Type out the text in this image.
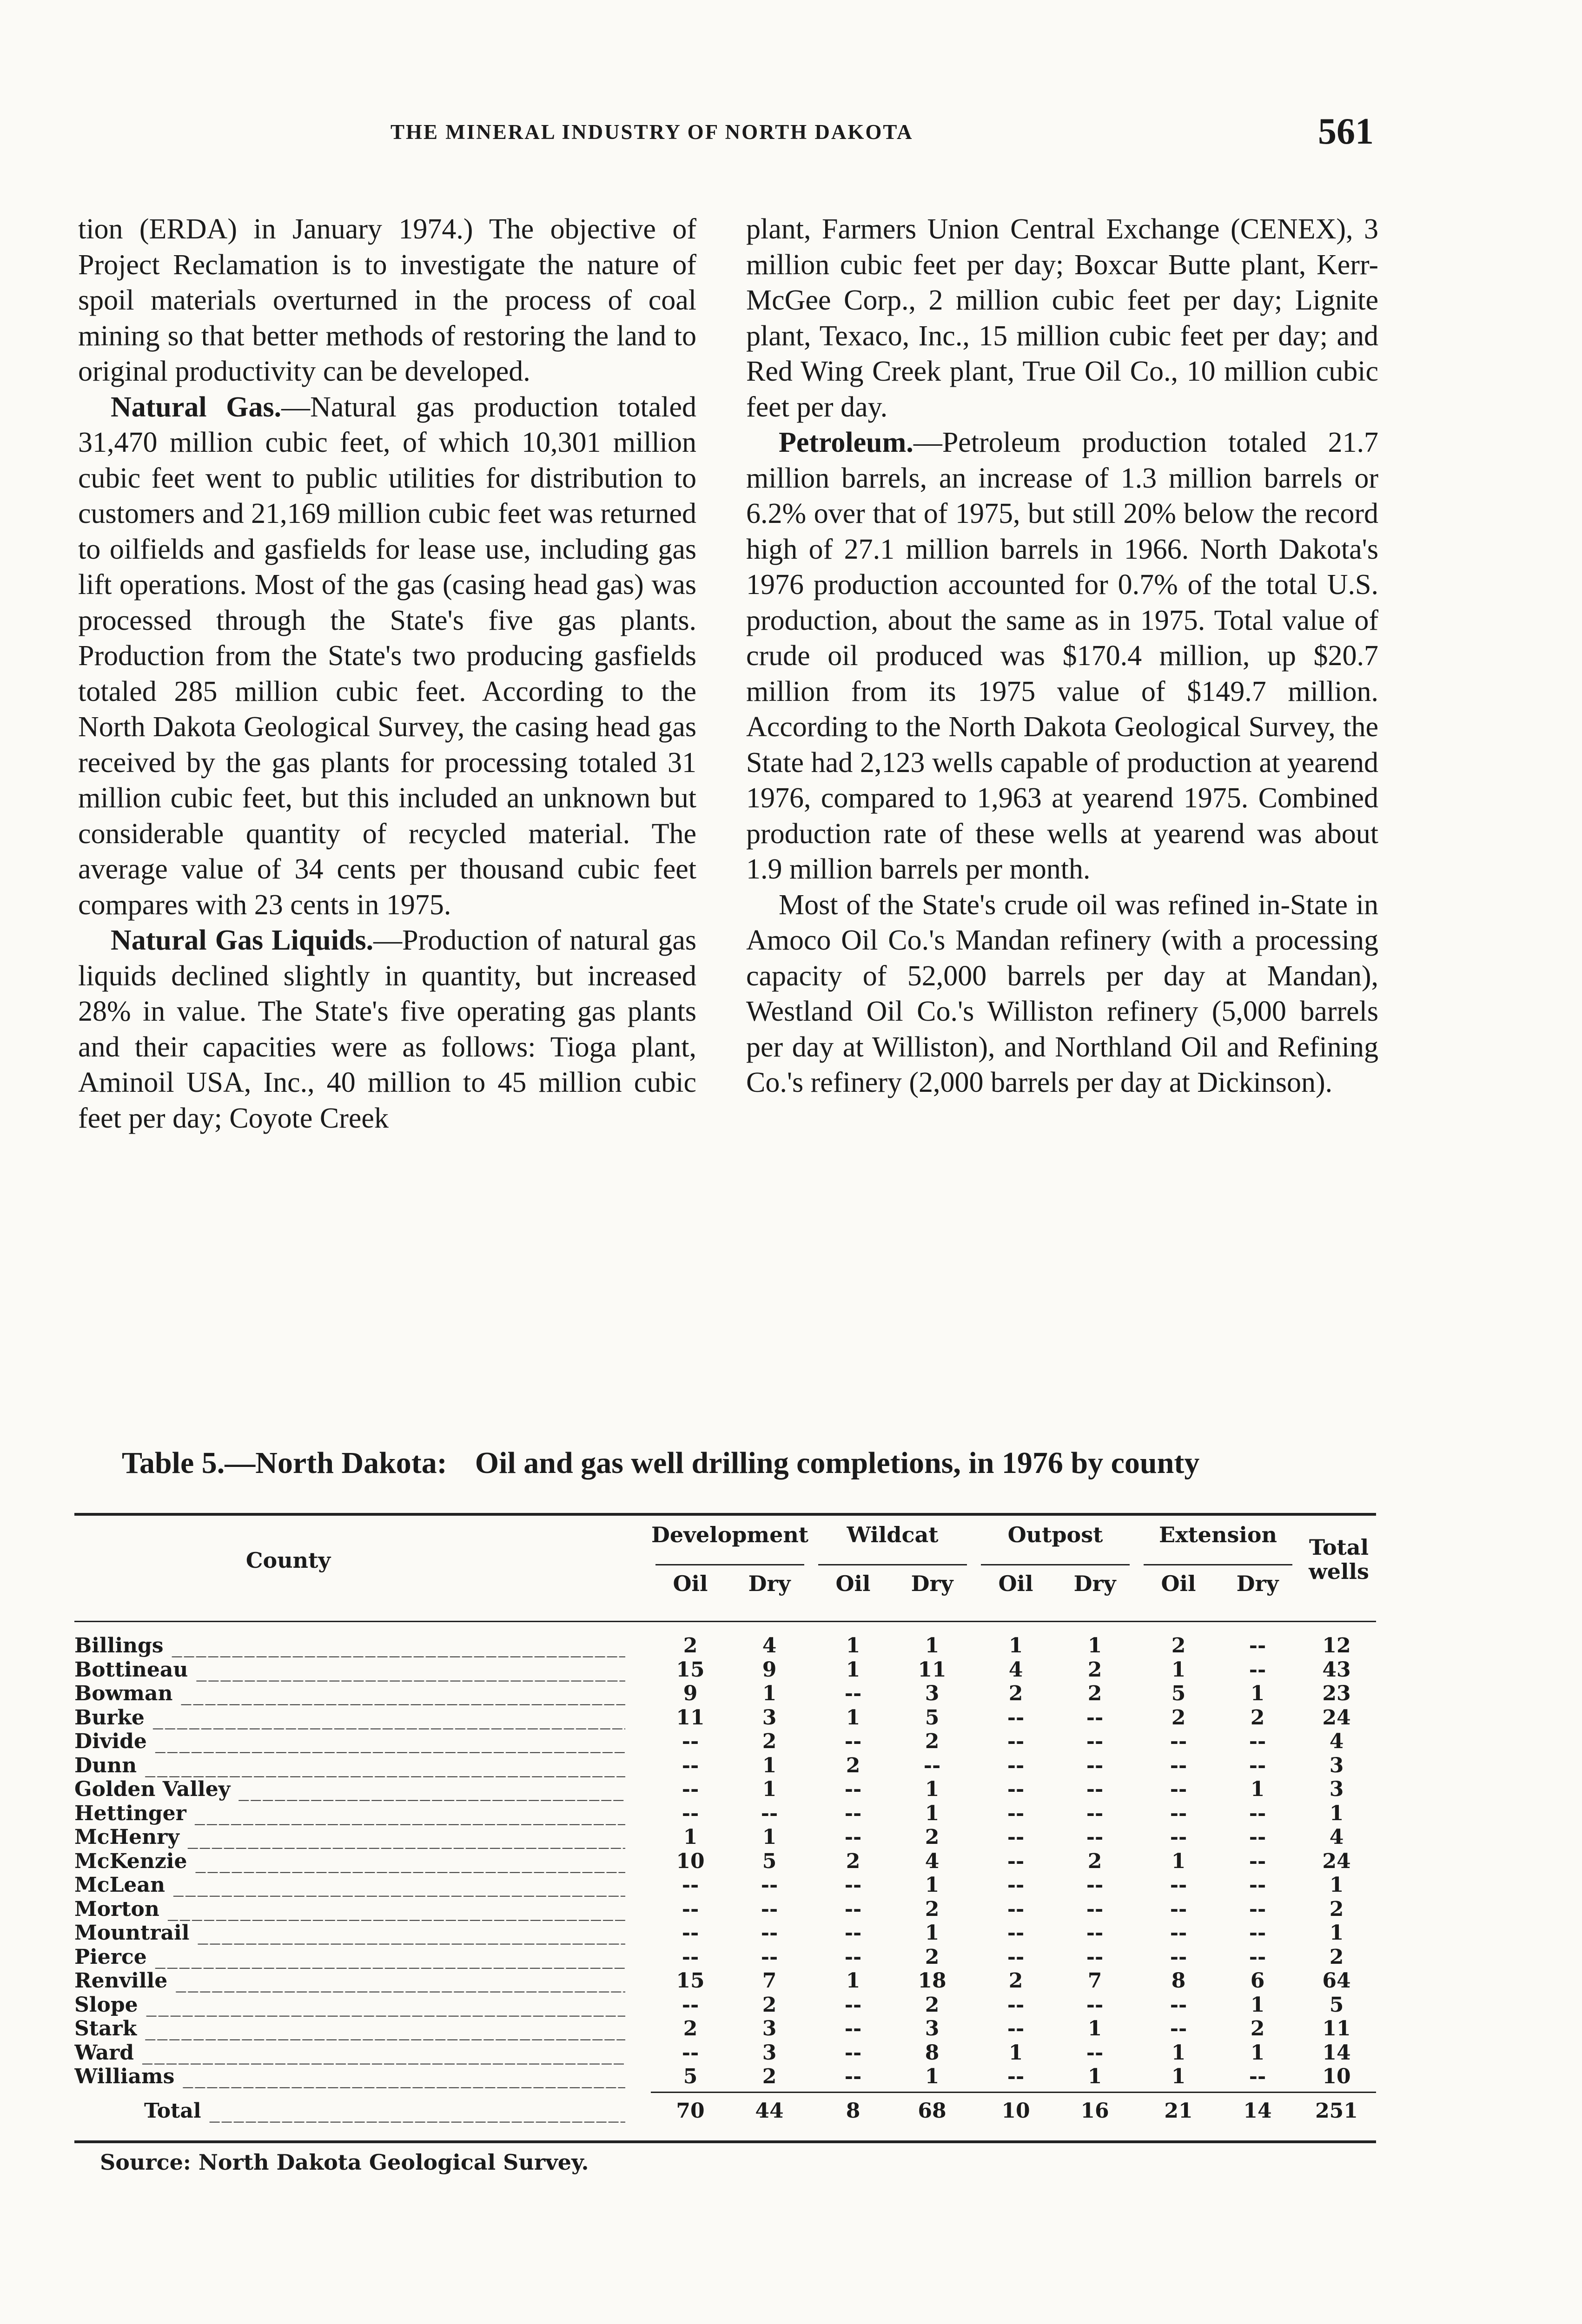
THE MINERAL INDUSTRY OF NORTH DAKOTA	561

tion (ERDA) in January 1974.) The objective of Project Reclamation is to investigate the nature of spoil materials overturned in the process of coal mining so that better methods of restoring the land to original productivity can be developed.

Natural Gas.—Natural gas production totaled 31,470 million cubic feet, of which 10,301 million cubic feet went to public utilities for distribution to customers and 21,169 million cubic feet was returned to oilfields and gasfields for lease use, including gas lift operations. Most of the gas (casing head gas) was processed through the State's five gas plants. Production from the State's two producing gasfields totaled 285 million cubic feet. According to the North Dakota Geological Survey, the casing head gas received by the gas plants for processing totaled 31 million cubic feet, but this included an unknown but considerable quantity of recycled material. The average value of 34 cents per thousand cubic feet compares with 23 cents in 1975.

Natural Gas Liquids.—Production of natural gas liquids declined slightly in quantity, but increased 28% in value. The State's five operating gas plants and their capacities were as follows: Tioga plant, Aminoil USA, Inc., 40 million to 45 million cubic feet per day; Coyote Creek

plant, Farmers Union Central Exchange (CENEX), 3 million cubic feet per day; Boxcar Butte plant, Kerr-McGee Corp., 2 million cubic feet per day; Lignite plant, Texaco, Inc., 15 million cubic feet per day; and Red Wing Creek plant, True Oil Co., 10 million cubic feet per day.

Petroleum.—Petroleum production totaled 21.7 million barrels, an increase of 1.3 million barrels or 6.2% over that of 1975, but still 20% below the record high of 27.1 million barrels in 1966. North Dakota's 1976 production accounted for 0.7% of the total U.S. production, about the same as in 1975. Total value of crude oil produced was $170.4 million, up $20.7 million from its 1975 value of $149.7 million. According to the North Dakota Geological Survey, the State had 2,123 wells capable of production at yearend 1976, compared to 1,963 at yearend 1975. Combined production rate of these wells at yearend was about 1.9 million barrels per month.

Most of the State's crude oil was refined in-State in Amoco Oil Co.'s Mandan refinery (with a processing capacity of 52,000 barrels per day at Mandan), Westland Oil Co.'s Williston refinery (5,000 barrels per day at Williston), and Northland Oil and Refining Co.'s refinery (2,000 barrels per day at Dickinson).

Table 5.—North Dakota: Oil and gas well drilling completions, in 1976 by county
County
Development	Wildcat	Outpost	Extension	Total wells
Oil	Dry	Oil	Dry	Oil	Dry	Oil	Dry
Billings _____	2	4	1	1	1	1	2	--	12
Bottineau _____	15	9	1	11	4	2	1	--	43
Bowman _____	9	1	--	3	2	2	5	1	23
Burke _____	11	3	1	5	--	--	2	2	24
Divide _____	--	2	--	2	--	--	--	--	4
Dunn _____	--	1	2	--	--	--	--	--	3
Golden Valley _____	--	1	--	1	--	--	--	1	3
Hettinger _____	--	--	--	1	--	--	--	--	1
McHenry _____	1	1	--	2	--	--	--	--	4
McKenzie _____	10	5	2	4	--	2	1	--	24
McLean _____	--	--	--	1	--	--	--	--	1
Morton _____	--	--	--	2	--	--	--	--	2
Mountrail _____	--	--	--	1	--	--	--	--	1
Pierce _____	--	--	--	2	--	--	--	--	2
Renville _____	15	7	1	18	2	7	8	6	64
Slope _____	--	2	--	2	--	--	--	1	5
Stark _____	2	3	--	3	--	1	--	2	11
Ward _____	--	3	--	8	1	--	1	1	14
Williams _____	5	2	--	1	--	1	1	--	10
Total _____	70	44	8	68	10	16	21	14	251
Source: North Dakota Geological Survey.
